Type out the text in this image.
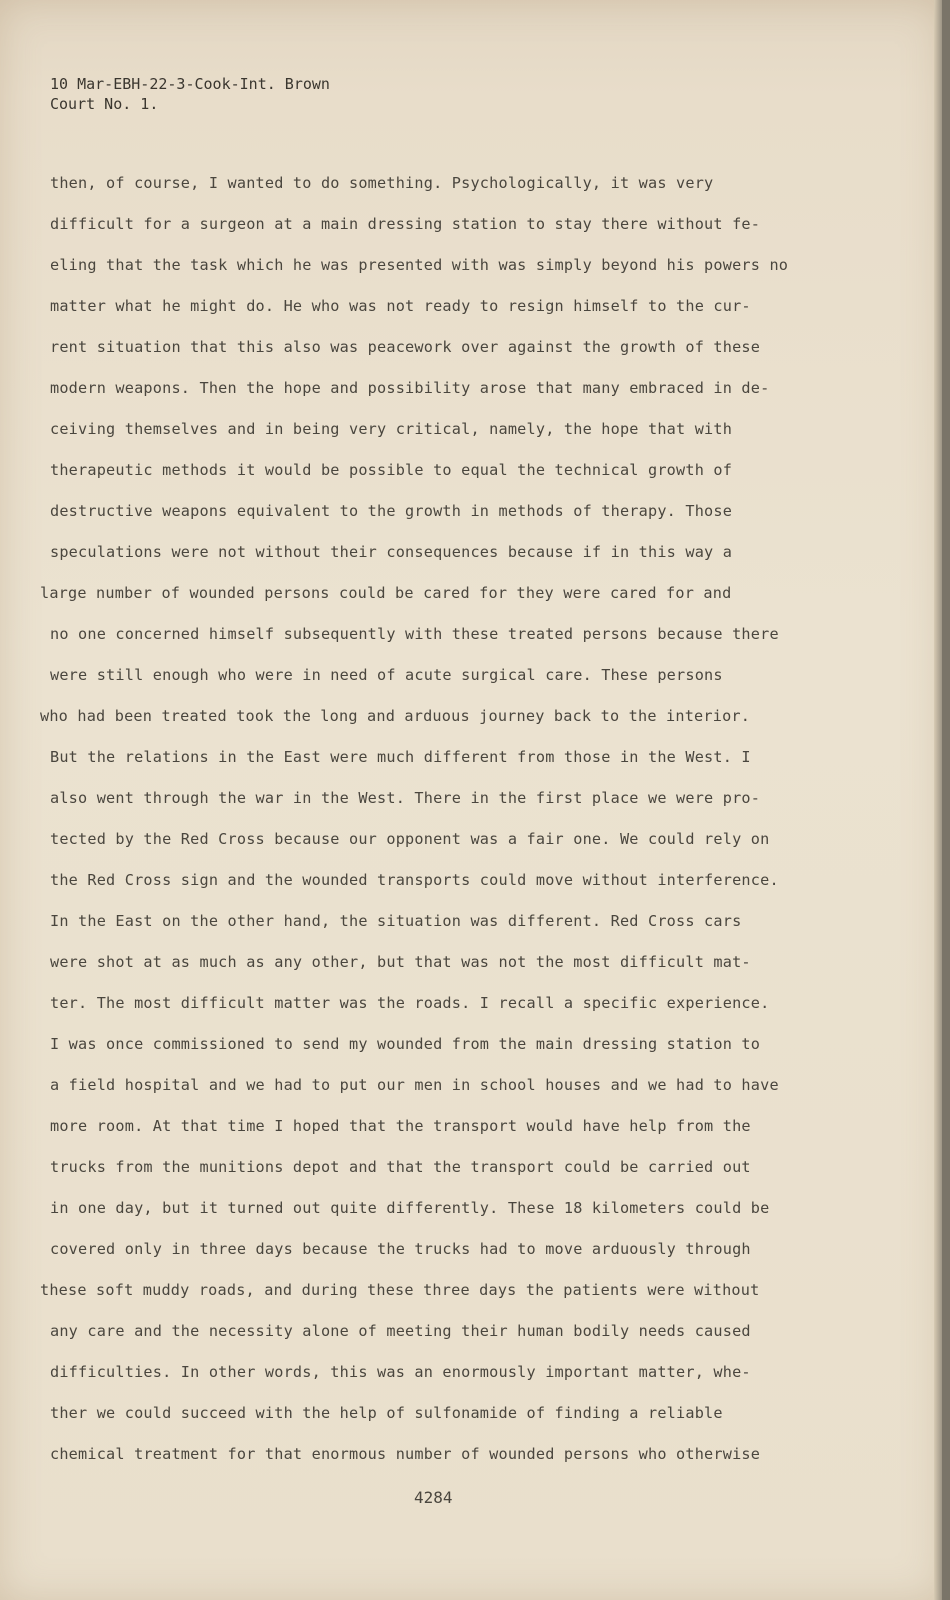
10 Mar-EBH-22-3-Cook-Int. Brown
Court No. 1.
then, of course, I wanted to do something. Psychologically, it was very
difficult for a surgeon at a main dressing station to stay there without fe-
eling that the task which he was presented with was simply beyond his powers no
matter what he might do. He who was not ready to resign himself to the cur-
rent situation that this also was peacework over against the growth of these
modern weapons. Then the hope and possibility arose that many embraced in de-
ceiving themselves and in being very critical, namely, the hope that with
therapeutic methods it would be possible to equal the technical growth of
destructive weapons equivalent to the growth in methods of therapy. Those
speculations were not without their consequences because if in this way a
large number of wounded persons could be cared for they were cared for and
no one concerned himself subsequently with these treated persons because there
were still enough who were in need of acute surgical care. These persons
who had been treated took the long and arduous journey back to the interior.
But the relations in the East were much different from those in the West. I
also went through the war in the West. There in the first place we were pro-
tected by the Red Cross because our opponent was a fair one. We could rely on
the Red Cross sign and the wounded transports could move without interference.
In the East on the other hand, the situation was different. Red Cross cars
were shot at as much as any other, but that was not the most difficult mat-
ter. The most difficult matter was the roads. I recall a specific experience.
I was once commissioned to send my wounded from the main dressing station to
a field hospital and we had to put our men in school houses and we had to have
more room. At that time I hoped that the transport would have help from the
trucks from the munitions depot and that the transport could be carried out
in one day, but it turned out quite differently. These 18 kilometers could be
covered only in three days because the trucks had to move arduously through
these soft muddy roads, and during these three days the patients were without
any care and the necessity alone of meeting their human bodily needs caused
difficulties. In other words, this was an enormously important matter, whe-
ther we could succeed with the help of sulfonamide of finding a reliable
chemical treatment for that enormous number of wounded persons who otherwise
4284
